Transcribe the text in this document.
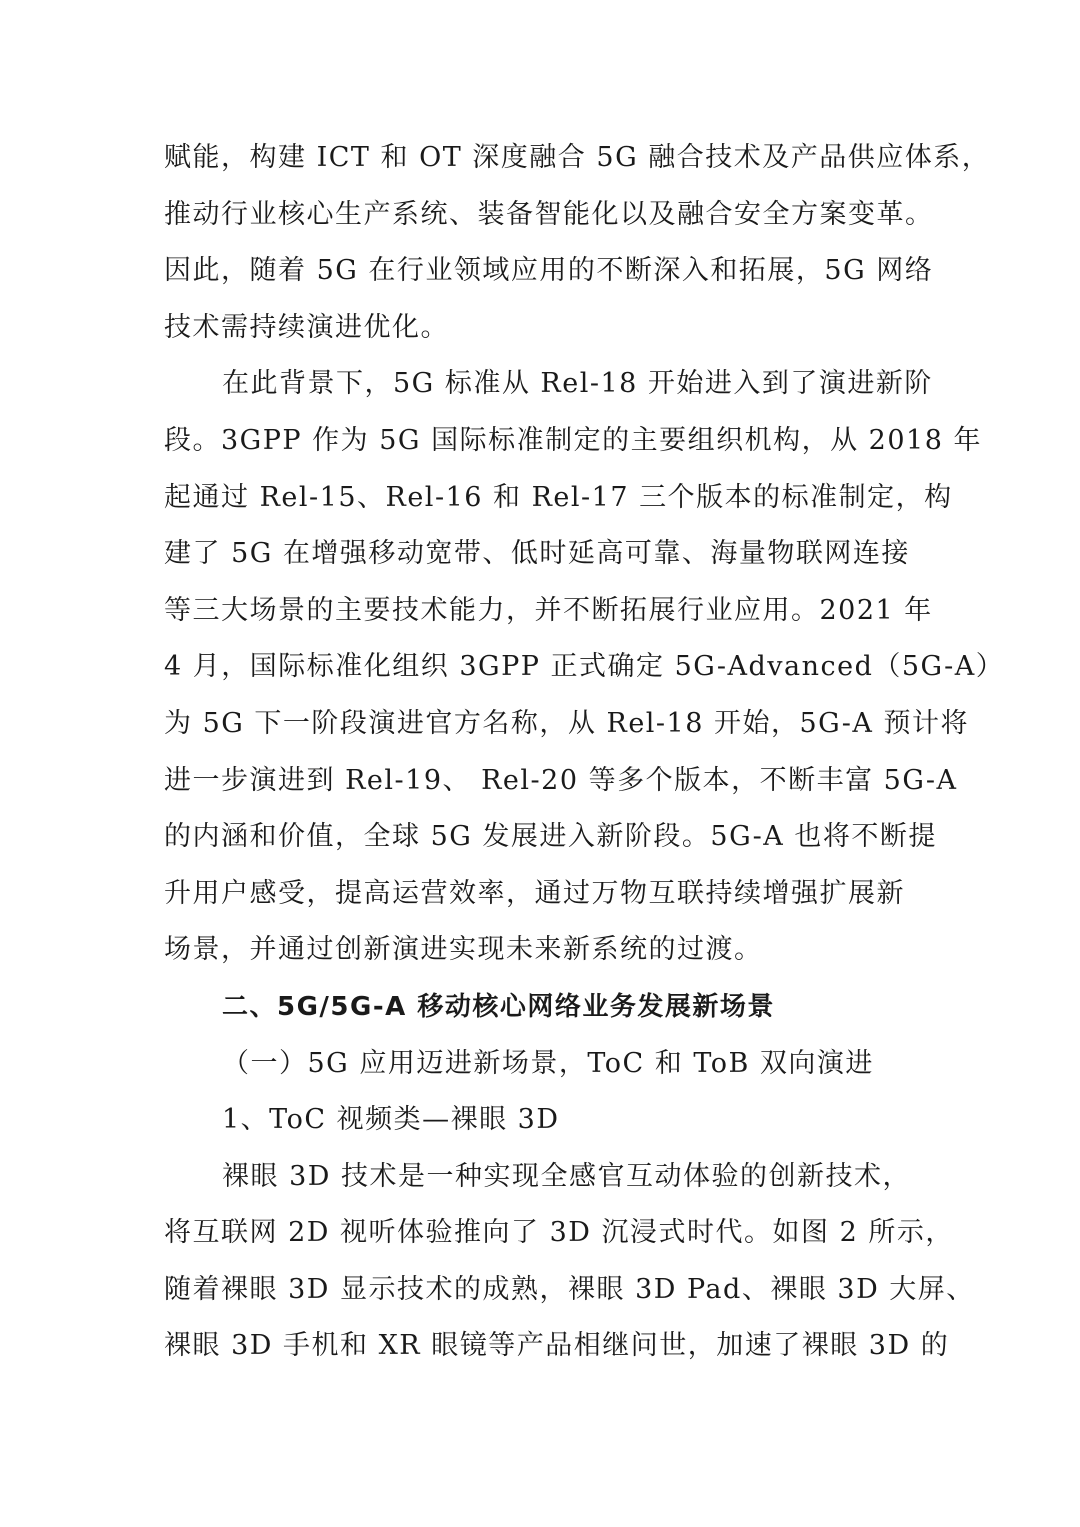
赋能，构建 ICT 和 OT 深度融合 5G 融合技术及产品供应体系，
推动行业核心生产系统、装备智能化以及融合安全方案变革。
因此，随着 5G 在行业领域应用的不断深入和拓展，5G 网络
技术需持续演进优化。
在此背景下，5G 标准从 Rel-18 开始进入到了演进新阶
段。3GPP 作为 5G 国际标准制定的主要组织机构，从 2018 年
起通过 Rel-15、Rel-16 和 Rel-17 三个版本的标准制定，构
建了 5G 在增强移动宽带、低时延高可靠、海量物联网连接
等三大场景的主要技术能力，并不断拓展行业应用。2021 年
4 月，国际标准化组织 3GPP 正式确定 5G-Advanced（5G-A）
为 5G 下一阶段演进官方名称，从 Rel-18 开始，5G-A 预计将
进一步演进到 Rel-19、 Rel-20 等多个版本，不断丰富 5G-A
的内涵和价值，全球 5G 发展进入新阶段。5G-A 也将不断提
升用户感受，提高运营效率，通过万物互联持续增强扩展新
场景，并通过创新演进实现未来新系统的过渡。
二、5G/5G-A 移动核心网络业务发展新场景
（一）5G 应用迈进新场景，ToC 和 ToB 双向演进
1、ToC 视频类—裸眼 3D
裸眼 3D 技术是一种实现全感官互动体验的创新技术，
将互联网 2D 视听体验推向了 3D 沉浸式时代。如图 2 所示，
随着裸眼 3D 显示技术的成熟，裸眼 3D Pad、裸眼 3D 大屏、
裸眼 3D 手机和 XR 眼镜等产品相继问世，加速了裸眼 3D 的
